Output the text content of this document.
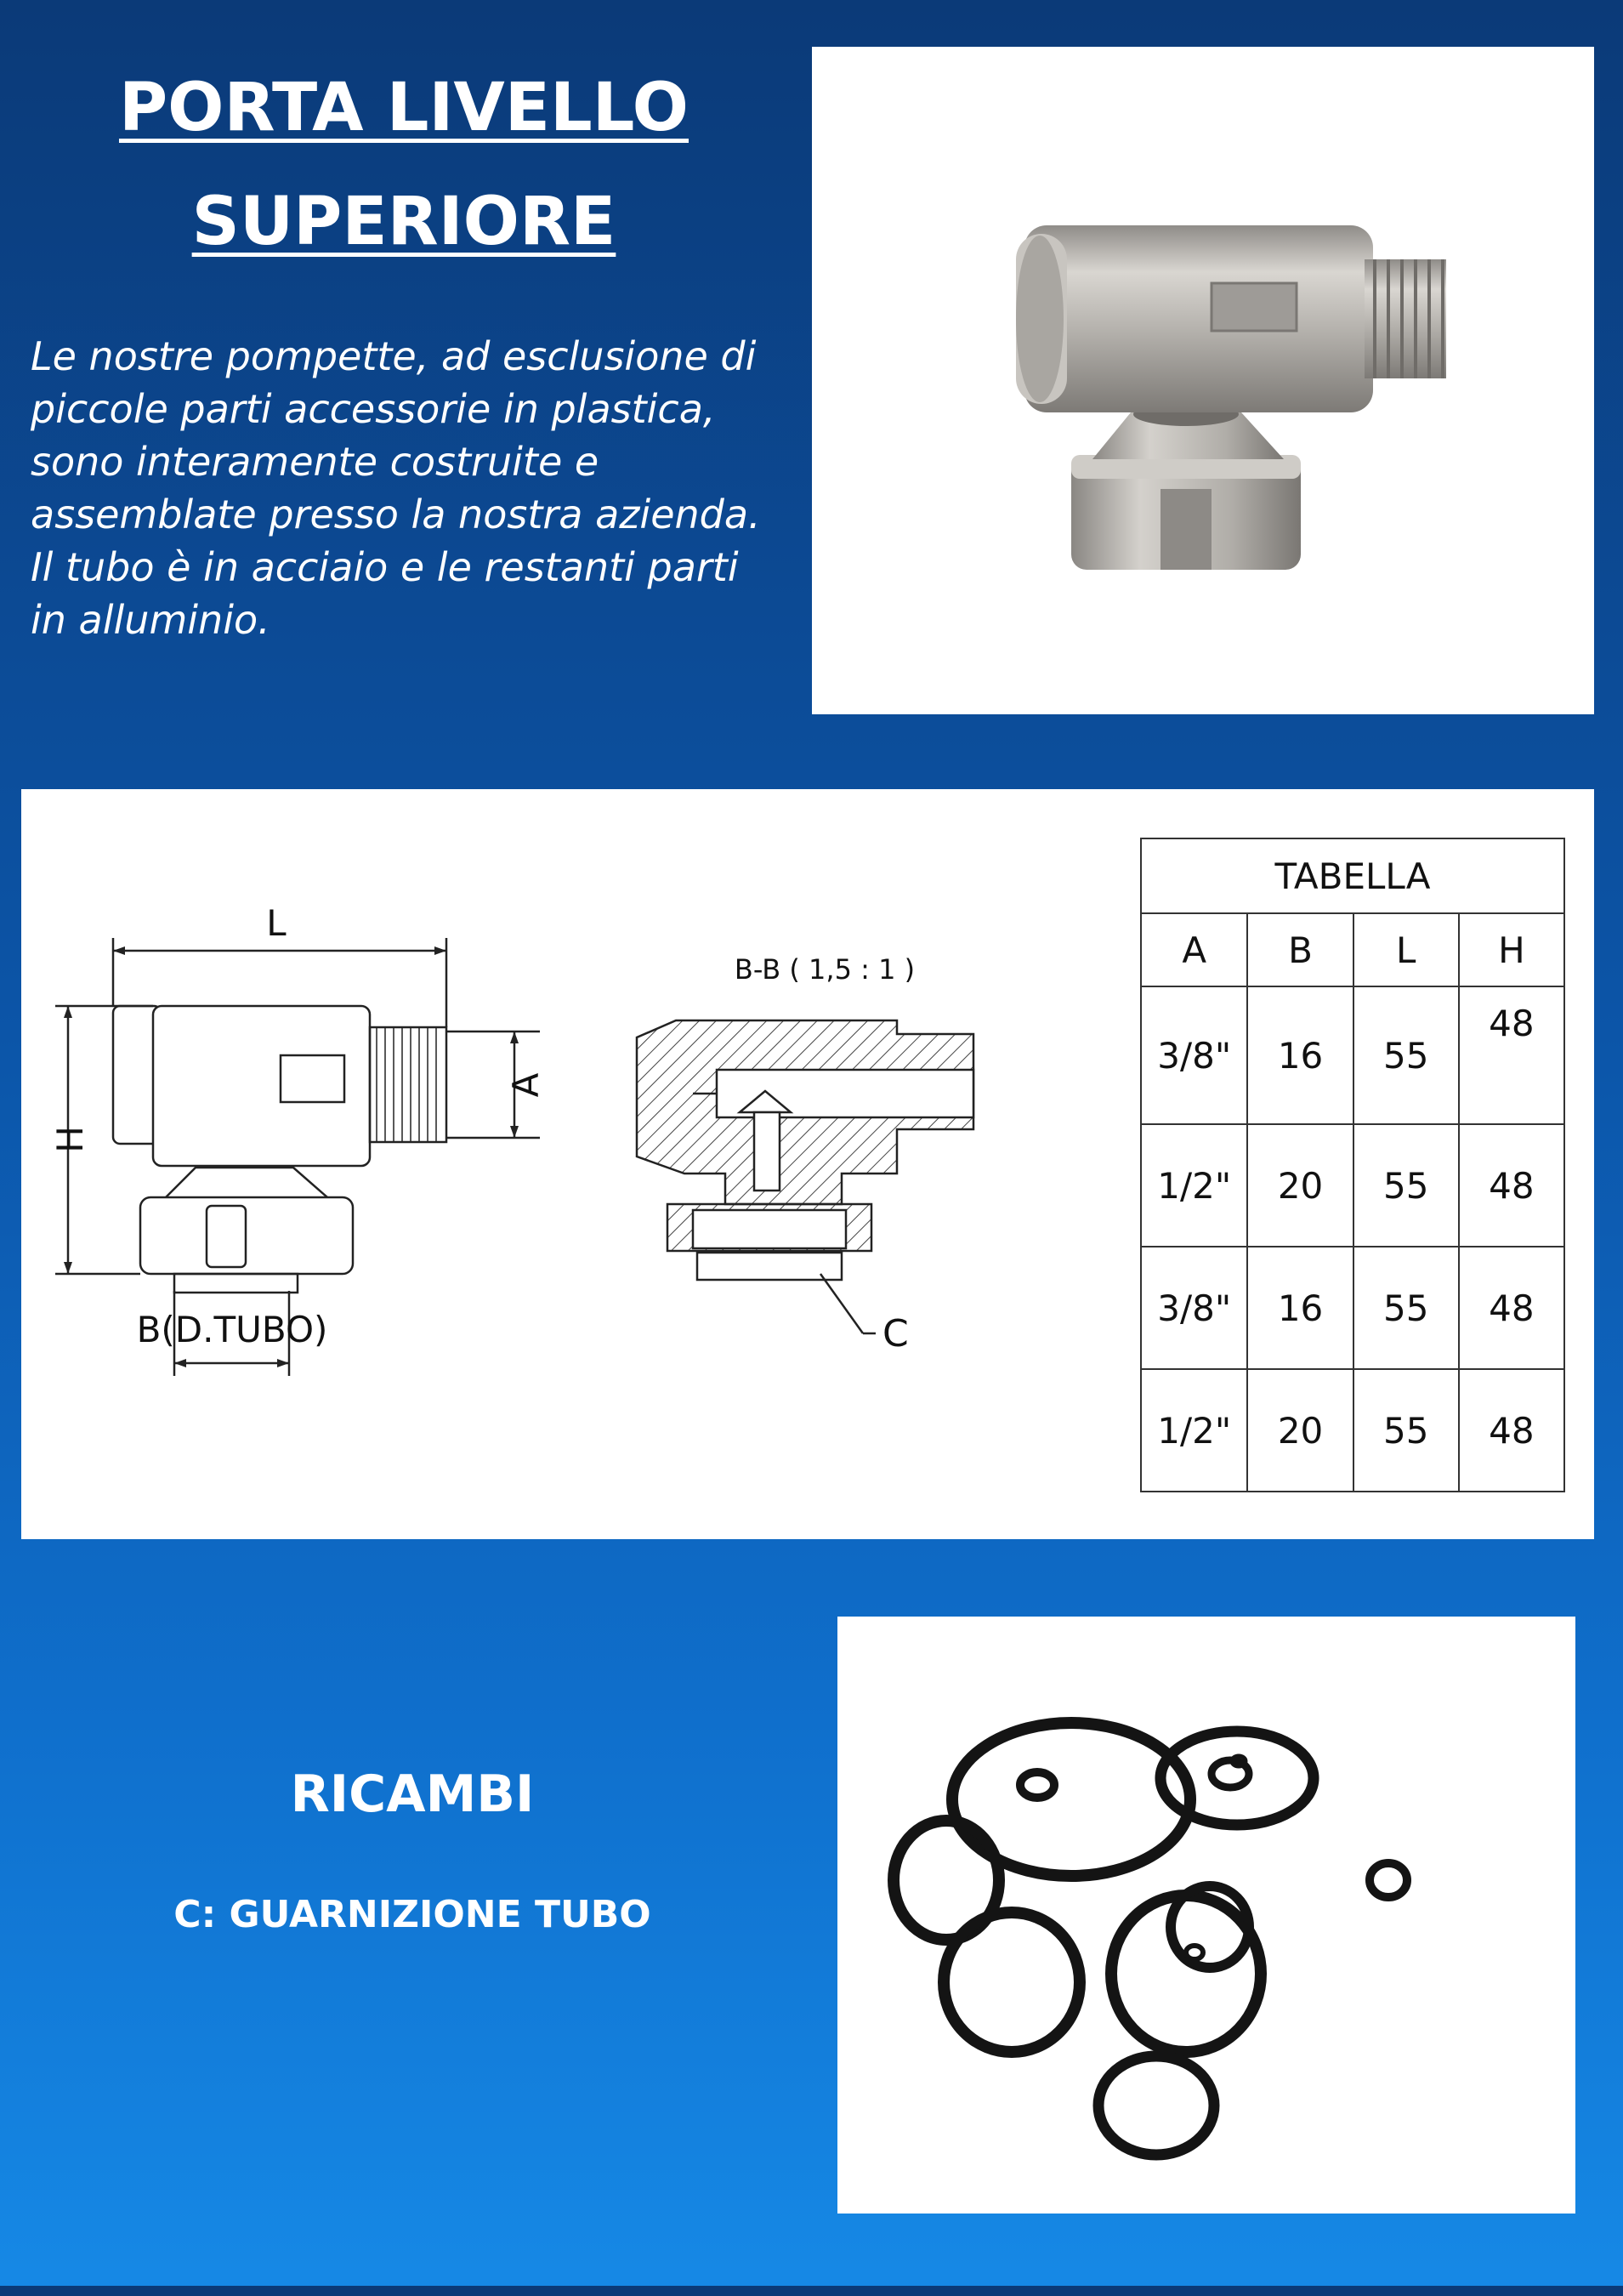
PORTA LIVELLO
SUPERIORE
Le nostre pompette, ad esclusione di piccole parti accessorie in plastica, sono interamente costruite e assemblate presso la nostra azienda. Il tubo è in acciaio e le restanti parti in alluminio.
L
H
A
B(D.TUBO)
B-B ( 1,5 : 1 )
C
TABELLA			
A	B	L	H
3/8"	16	55	48
1/2"	20	55	48
3/8"	16	55	48
1/2"	20	55	48
RICAMBI
C: GUARNIZIONE TUBO
